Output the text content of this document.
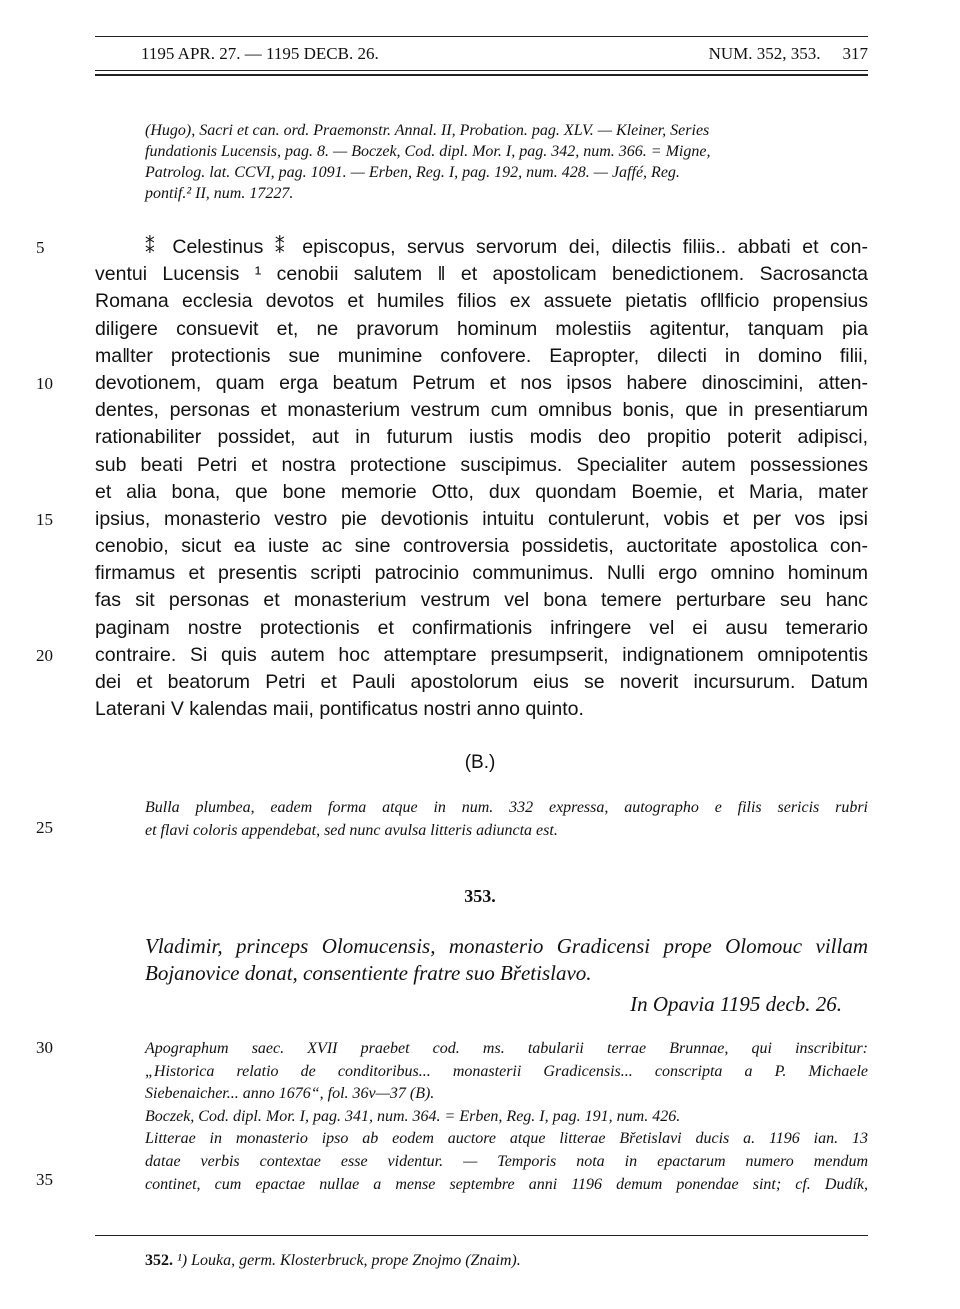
1195 APR. 27. — 1195 DECB. 26.	NUM. 352, 353. 317
(Hugo), Sacri et can. ord. Praemonstr. Annal. II, Probation. pag. XLV. — Kleiner, Series
fundationis Lucensis, pag. 8. — Boczek, Cod. dipl. Mor. I, pag. 342, num. 366. = Migne,
Patrolog. lat. CCVI, pag. 1091. — Erben, Reg. I, pag. 192, num. 428. — Jaffé, Reg.
pontif.² II, num. 17227.
5
10
15
20
25
30
35
⁑ Celestinus ⁑ episcopus, servus servorum dei, dilectis filiis.. abbati et con-
ventui Lucensis ¹ cenobii salutem ‖ et apostolicam benedictionem. Sacrosancta
Romana ecclesia devotos et humiles filios ex assuete pietatis of‖ficio propensius
diligere consuevit et, ne pravorum hominum molestiis agitentur, tanquam pia
ma‖ter protectionis sue munimine confovere. Eapropter, dilecti in domino filii,
devotionem, quam erga beatum Petrum et nos ipsos habere dinoscimini, atten-
dentes, personas et monasterium vestrum cum omnibus bonis, que in presentiarum
rationabiliter possidet, aut in futurum iustis modis deo propitio poterit adipisci,
sub beati Petri et nostra protectione suscipimus. Specialiter autem possessiones
et alia bona, que bone memorie Otto, dux quondam Boemie, et Maria, mater
ipsius, monasterio vestro pie devotionis intuitu contulerunt, vobis et per vos ipsi
cenobio, sicut ea iuste ac sine controversia possidetis, auctoritate apostolica con-
firmamus et presentis scripti patrocinio communimus. Nulli ergo omnino hominum
fas sit personas et monasterium vestrum vel bona temere perturbare seu hanc
paginam nostre protectionis et confirmationis infringere vel ei ausu temerario
contraire. Si quis autem hoc attemptare presumpserit, indignationem omnipotentis
dei et beatorum Petri et Pauli apostolorum eius se noverit incursurum. Datum
Laterani V kalendas maii, pontificatus nostri anno quinto.
(B.)
Bulla plumbea, eadem forma atque in num. 332 expressa, autographo e filis sericis rubri
et flavi coloris appendebat, sed nunc avulsa litteris adiuncta est.
353.
Vladimir, princeps Olomucensis, monasterio Gradicensi prope Olomouc villam
Bojanovice donat, consentiente fratre suo Břetislavo.
In Opavia 1195 decb. 26.
Apographum saec. XVII praebet cod. ms. tabularii terrae Brunnae, qui inscribitur:
„Historica relatio de conditoribus... monasterii Gradicensis... conscripta a P. Michaele
Siebenaicher... anno 1676“, fol. 36v—37 (B).
Boczek, Cod. dipl. Mor. I, pag. 341, num. 364. = Erben, Reg. I, pag. 191, num. 426.
Litterae in monasterio ipso ab eodem auctore atque litterae Břetislavi ducis a. 1196 ian. 13
datae verbis contextae esse videntur. — Temporis nota in epactarum numero mendum
continet, cum epactae nullae a mense septembre anni 1196 demum ponendae sint; cf. Dudík,
352. ¹) Louka, germ. Klosterbruck, prope Znojmo (Znaim).
